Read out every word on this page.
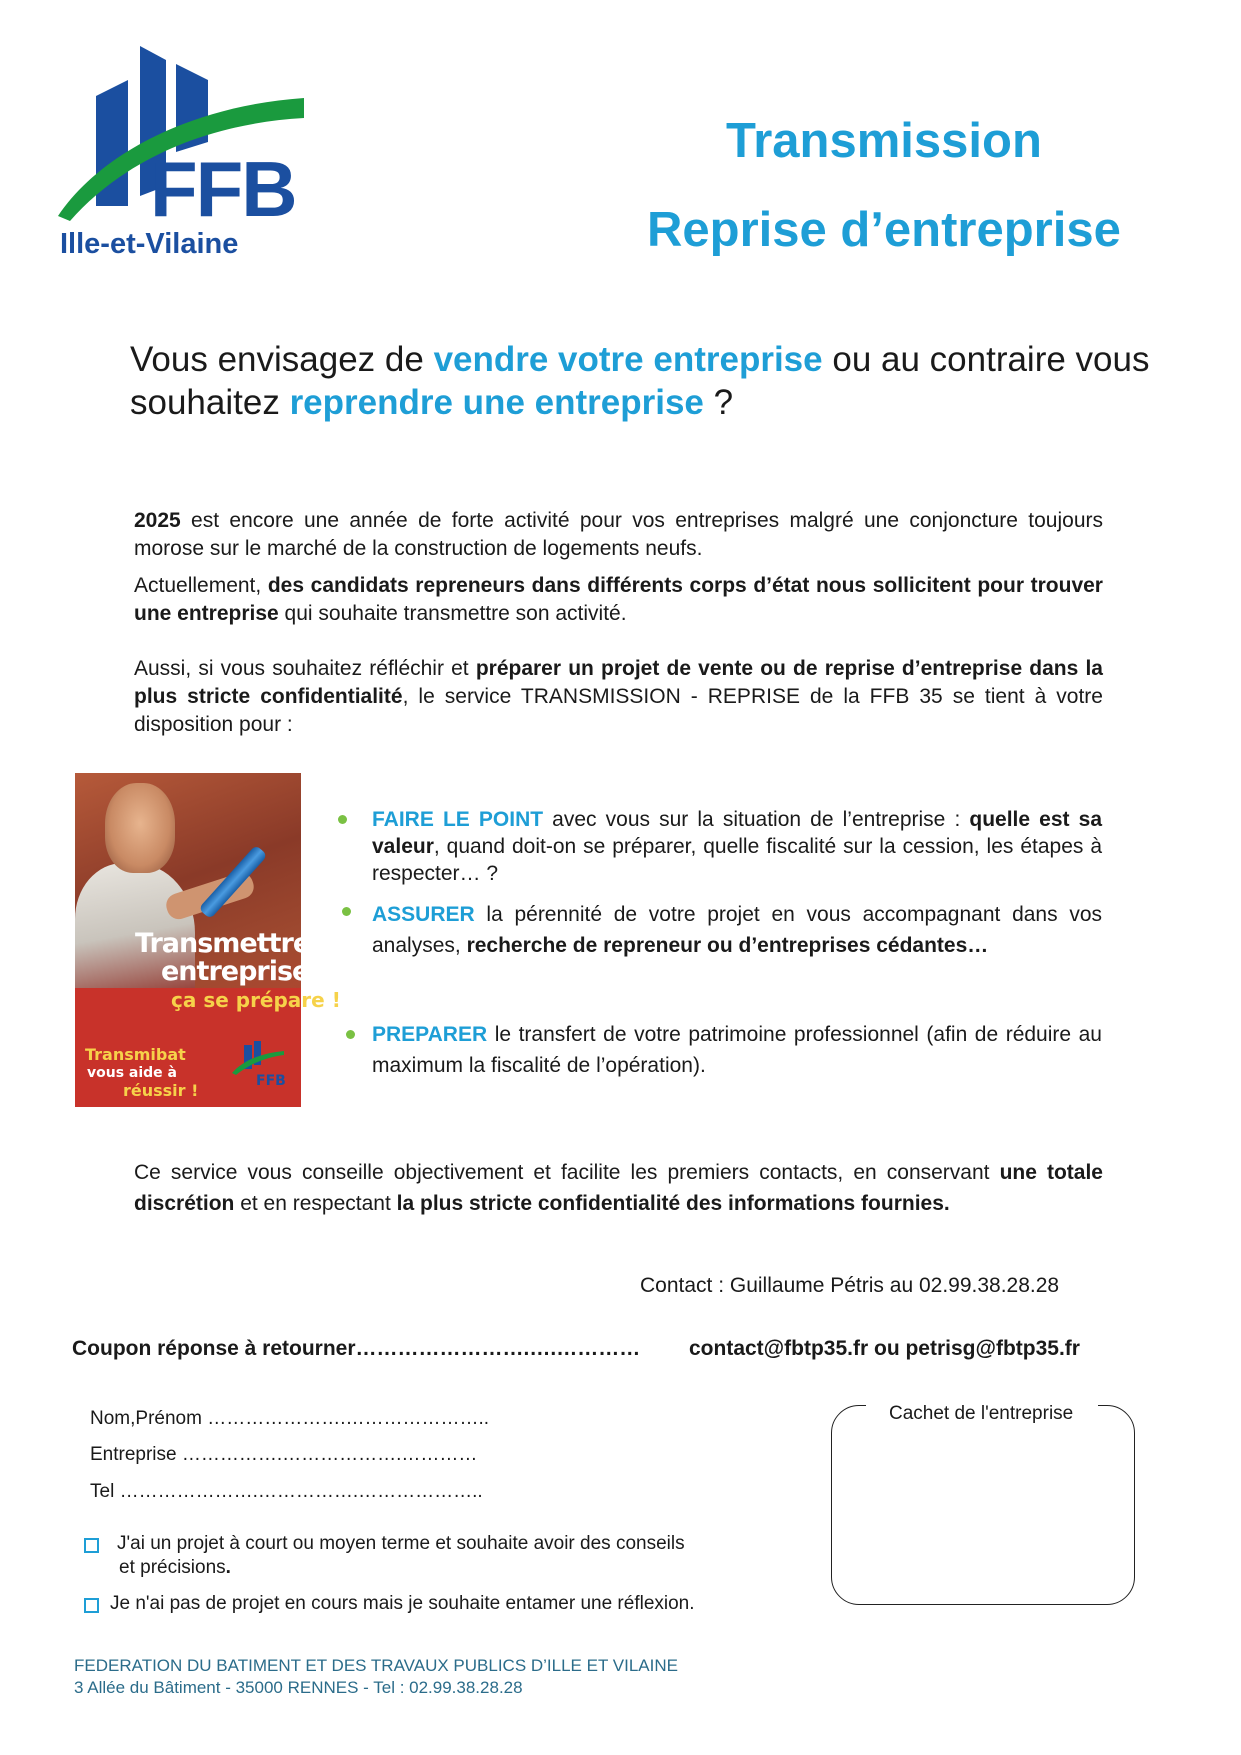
FFB
Ille-et-Vilaine
Transmission
Reprise d’entreprise
Vous envisagez de vendre votre entreprise ou au contraire vous souhaitez reprendre une entreprise ?
2025 est encore une année de forte activité pour vos entreprises malgré une conjoncture toujours morose sur le marché de la construction de logements neufs.
Actuellement, des candidats repreneurs dans différents corps d’état nous sollicitent pour trouver une entreprise qui souhaite transmettre son activité.
Aussi, si vous souhaitez réfléchir et préparer un projet de vente ou de reprise d’entreprise dans la plus stricte confidentialité, le service TRANSMISSION - REPRISE de la FFB 35 se tient à votre disposition pour :
Transmettre
entreprise
ça se prépare !
Transmibat
vous aide à
réussir !	FFB
FAIRE LE POINT avec vous sur la situation de l’entreprise : quelle est sa valeur, quand doit-on se préparer, quelle fiscalité sur la cession, les étapes à respecter… ?
ASSURER la pérennité de votre projet en vous accompagnant dans vos analyses, recherche de repreneur ou d’entreprises cédantes…
PREPARER le transfert de votre patrimoine professionnel (afin de réduire au maximum la fiscalité de l’opération).
Ce service vous conseille objectivement et facilite les premiers contacts, en conservant une totale discrétion et en respectant la plus stricte confidentialité des informations fournies.
Contact : Guillaume Pétris au 02.99.38.28.28
Coupon réponse à retourner…………………….….………… contact@fbtp35.fr ou petrisg@fbtp35.fr
Nom,Prénom ………………….…………………..
Entreprise …………….……………….…………
Tel ………………….…………….………………..
Cachet de l'entreprise
J'ai un projet à court ou moyen terme et souhaite avoir des conseils
et précisions.
Je n'ai pas de projet en cours mais je souhaite entamer une réflexion.
FEDERATION DU BATIMENT ET DES TRAVAUX PUBLICS D’ILLE ET VILAINE
3 Allée du Bâtiment - 35000 RENNES - Tel : 02.99.38.28.28
